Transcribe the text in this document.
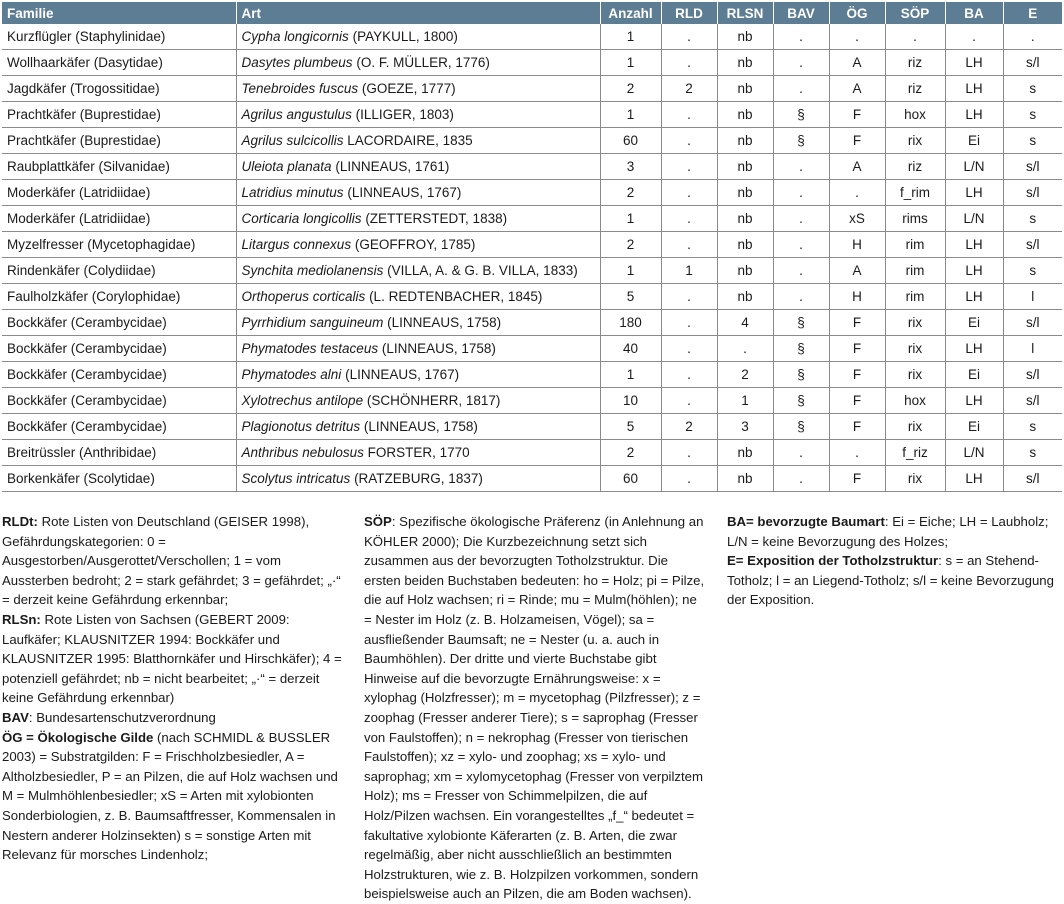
Familie	Art	Anzahl	RLD	RLSN	BAV	ÖG	SÖP	BA	E
Kurzflügler (Staphylinidae)	Cypha longicornis (PAYKULL, 1800)	1	.	nb	.	.	.	.	.
Wollhaarkäfer (Dasytidae)	Dasytes plumbeus (O. F. MÜLLER, 1776)	1	.	nb	.	A	riz	LH	s/l
Jagdkäfer (Trogossitidae)	Tenebroides fuscus (GOEZE, 1777)	2	2	nb	.	A	riz	LH	s
Prachtkäfer (Buprestidae)	Agrilus angustulus (ILLIGER, 1803)	1	.	nb	§	F	hox	LH	s
Prachtkäfer (Buprestidae)	Agrilus sulcicollis LACORDAIRE, 1835	60	.	nb	§	F	rix	Ei	s
Raubplattkäfer (Silvanidae)	Uleiota planata (LINNEAUS, 1761)	3	.	nb	.	A	riz	L/N	s/l
Moderkäfer (Latridiidae)	Latridius minutus (LINNEAUS, 1767)	2	.	nb	.	.	f_rim	LH	s/l
Moderkäfer (Latridiidae)	Corticaria longicollis (ZETTERSTEDT, 1838)	1	.	nb	.	xS	rims	L/N	s
Myzelfresser (Mycetophagidae)	Litargus connexus (GEOFFROY, 1785)	2	.	nb	.	H	rim	LH	s/l
Rindenkäfer (Colydiidae)	Synchita mediolanensis (VILLA, A. & G. B. VILLA, 1833)	1	1	nb	.	A	rim	LH	s
Faulholzkäfer (Corylophidae)	Orthoperus corticalis (L. REDTENBACHER, 1845)	5	.	nb	.	H	rim	LH	l
Bockkäfer (Cerambycidae)	Pyrrhidium sanguineum (LINNEAUS, 1758)	180	.	4	§	F	rix	Ei	s/l
Bockkäfer (Cerambycidae)	Phymatodes testaceus (LINNEAUS, 1758)	40	.	.	§	F	rix	LH	l
Bockkäfer (Cerambycidae)	Phymatodes alni (LINNEAUS, 1767)	1	.	2	§	F	rix	Ei	s/l
Bockkäfer (Cerambycidae)	Xylotrechus antilope (SCHÖNHERR, 1817)	10	.	1	§	F	hox	LH	s/l
Bockkäfer (Cerambycidae)	Plagionotus detritus (LINNEAUS, 1758)	5	2	3	§	F	rix	Ei	s
Breitrüssler (Anthribidae)	Anthribus nebulosus FORSTER, 1770	2	.	nb	.	.	f_riz	L/N	s
Borkenkäfer (Scolytidae)	Scolytus intricatus (RATZEBURG, 1837)	60	.	nb	.	F	rix	LH	s/l

RLDt: Rote Listen von Deutschland (GEISER 1998), Gefährdungskategorien: 0 = Ausgestorben/Ausgerottet/Verschollen; 1 = vom Aussterben bedroht; 2 = stark gefährdet; 3 = gefährdet; „·“ = derzeit keine Gefährdung erkennbar;

RLSn: Rote Listen von Sachsen (GEBERT 2009: Laufkäfer; KLAUSNITZER 1994: Bockkäfer und KLAUSNITZER 1995: Blatthornkäfer und Hirschkäfer); 4 = potenziell gefährdet; nb = nicht bearbeitet; „·“ = derzeit keine Gefährdung erkennbar)

BAV: Bundesartenschutzverordnung

ÖG = Ökologische Gilde (nach SCHMIDL & BUSSLER 2003) = Substratgilden: F = Frischholzbesiedler, A = Altholzbesiedler, P = an Pilzen, die auf Holz wachsen und M = Mulmhöhlenbesiedler; xS = Arten mit xylobionten Sonderbiologien, z. B. Baumsaftfresser, Kommensalen in Nestern anderer Holzinsekten) s = sonstige Arten mit Relevanz für morsches Lindenholz;

SÖP: Spezifische ökologische Präferenz (in Anlehnung an KÖHLER 2000); Die Kurzbezeichnung setzt sich zusammen aus der bevorzugten Totholzstruktur. Die ersten beiden Buchstaben bedeuten: ho = Holz; pi = Pilze, die auf Holz wachsen; ri = Rinde; mu = Mulm(höhlen); ne = Nester im Holz (z. B. Holzameisen, Vögel); sa = ausfließender Baumsaft; ne = Nester (u. a. auch in Baumhöhlen). Der dritte und vierte Buchstabe gibt Hinweise auf die bevorzugte Ernährungsweise: x = xylophag (Holzfresser); m = mycetophag (Pilzfresser); z = zoophag (Fresser anderer Tiere); s = saprophag (Fresser von Faulstoffen); n = nekrophag (Fresser von tierischen Faulstoffen); xz = xylo- und zoophag; xs = xylo- und saprophag; xm = xylomycetophag (Fresser von verpilztem Holz); ms = Fresser von Schimmelpilzen, die auf Holz/Pilzen wachsen. Ein vorangestelltes „f_“ bedeutet = fakultative xylobionte Käferarten (z. B. Arten, die zwar regelmäßig, aber nicht ausschließlich an bestimmten Holzstrukturen, wie z. B. Holzpilzen vorkommen, sondern beispielsweise auch an Pilzen, die am Boden wachsen).

BA= bevorzugte Baumart: Ei = Eiche; LH = Laubholz; L/N = keine Bevorzugung des Holzes;

E= Exposition der Totholzstruktur: s = an Stehend-Totholz; l = an Liegend-Totholz; s/l = keine Bevorzugung der Exposition.
